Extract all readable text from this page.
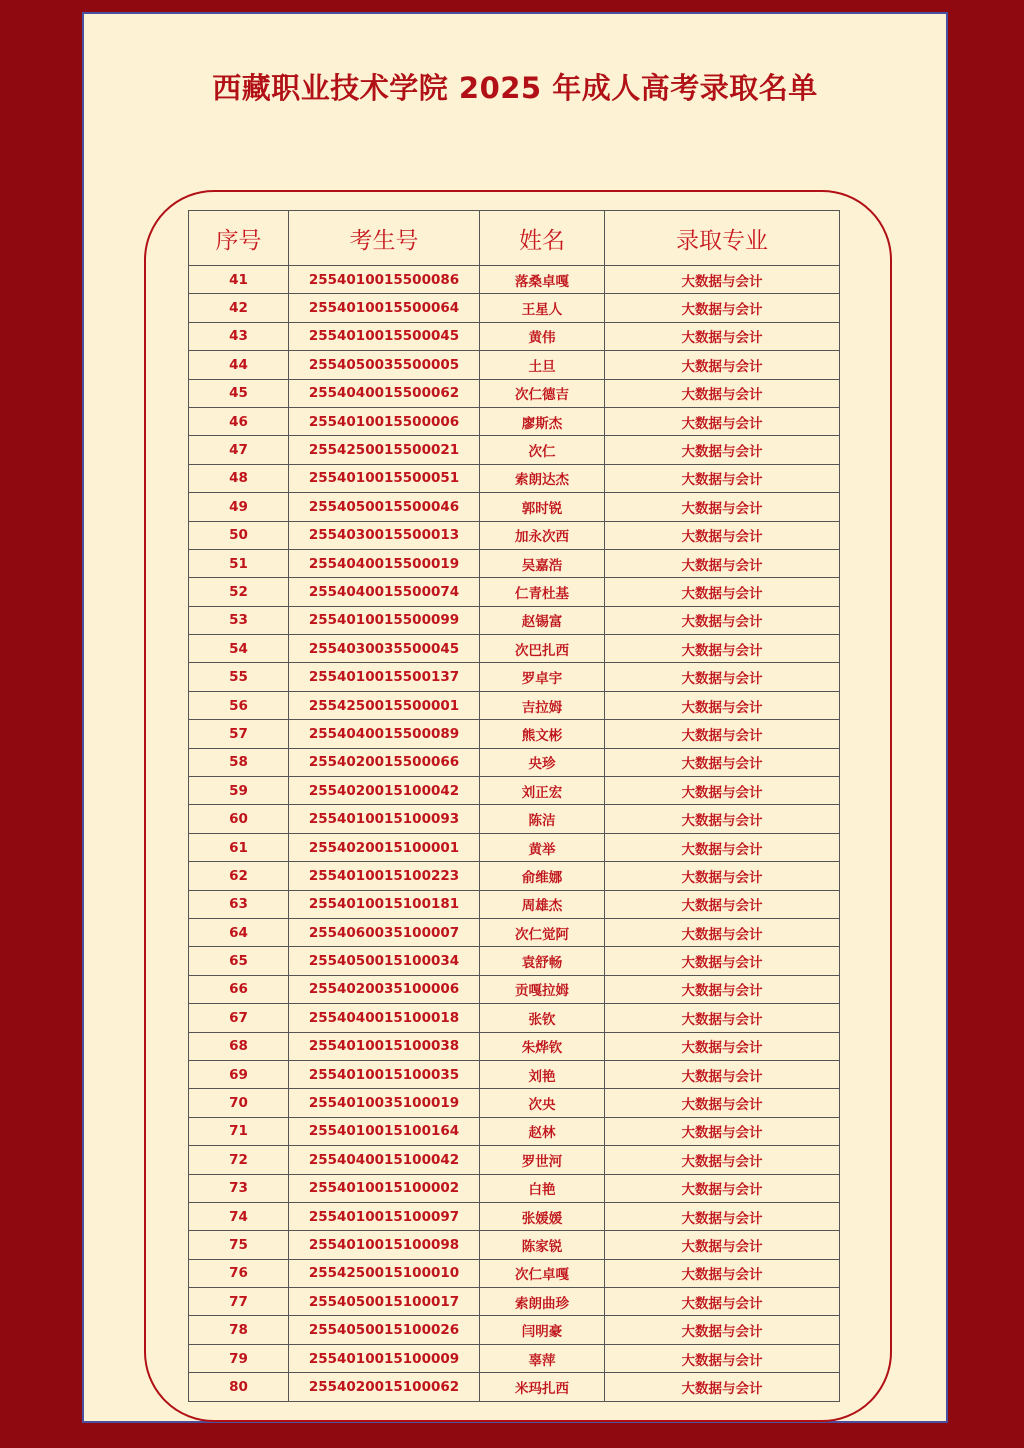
西藏职业技术学院 2025 年成人高考录取名单
序号	考生号	姓名	录取专业
41	2554010015500086	落桑卓嘎	大数据与会计
42	2554010015500064	王星人	大数据与会计
43	2554010015500045	黄伟	大数据与会计
44	2554050035500005	土旦	大数据与会计
45	2554040015500062	次仁德吉	大数据与会计
46	2554010015500006	廖斯杰	大数据与会计
47	2554250015500021	次仁	大数据与会计
48	2554010015500051	索朗达杰	大数据与会计
49	2554050015500046	郭时锐	大数据与会计
50	2554030015500013	加永次西	大数据与会计
51	2554040015500019	吴嘉浩	大数据与会计
52	2554040015500074	仁青杜基	大数据与会计
53	2554010015500099	赵锡富	大数据与会计
54	2554030035500045	次巴扎西	大数据与会计
55	2554010015500137	罗卓宇	大数据与会计
56	2554250015500001	吉拉姆	大数据与会计
57	2554040015500089	熊文彬	大数据与会计
58	2554020015500066	央珍	大数据与会计
59	2554020015100042	刘正宏	大数据与会计
60	2554010015100093	陈洁	大数据与会计
61	2554020015100001	黄举	大数据与会计
62	2554010015100223	俞维娜	大数据与会计
63	2554010015100181	周雄杰	大数据与会计
64	2554060035100007	次仁觉阿	大数据与会计
65	2554050015100034	袁舒畅	大数据与会计
66	2554020035100006	贡嘎拉姆	大数据与会计
67	2554040015100018	张钦	大数据与会计
68	2554010015100038	朱烨钦	大数据与会计
69	2554010015100035	刘艳	大数据与会计
70	2554010035100019	次央	大数据与会计
71	2554010015100164	赵林	大数据与会计
72	2554040015100042	罗世河	大数据与会计
73	2554010015100002	白艳	大数据与会计
74	2554010015100097	张媛媛	大数据与会计
75	2554010015100098	陈家锐	大数据与会计
76	2554250015100010	次仁卓嘎	大数据与会计
77	2554050015100017	索朗曲珍	大数据与会计
78	2554050015100026	闫明豪	大数据与会计
79	2554010015100009	辜萍	大数据与会计
80	2554020015100062	米玛扎西	大数据与会计
